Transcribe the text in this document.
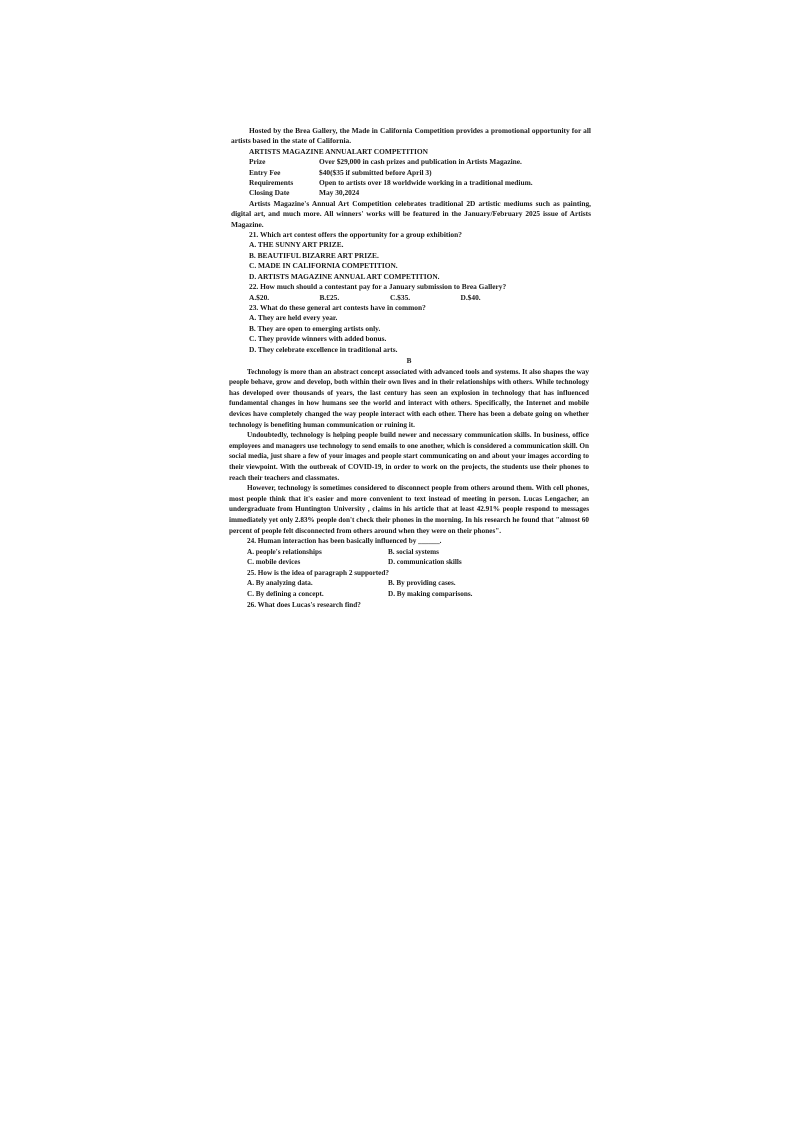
Hosted by the Brea Gallery, the Made in California Competition provides a promotional opportunity for all artists based in the state of California.

ARTISTS MAGAZINE ANNUALART COMPETITION

Prize	Over $29,000 in cash prizes and publication in Artists Magazine.
Entry Fee	$40($35 if submitted before April 3)
Requirements	Open to artists over 18 worldwide working in a traditional medium.
Closing Date	May 30,2024

Artists Magazine's Annual Art Competition celebrates traditional 2D artistic mediums such as painting, digital art, and much more. All winners' works will be featured in the January/February 2025 issue of Artists Magazine.

21. Which art contest offers the opportunity for a group exhibition?

A. THE SUNNY ART PRIZE.

B. BEAUTIFUL BIZARRE ART PRIZE.

C. MADE IN CALIFORNIA COMPETITION.

D. ARTISTS MAGAZINE ANNUAL ART COMPETITION.

22. How much should a contestant pay for a January submission to Brea Gallery?

A.$20.	B.£25.	C.$35.	D.$40.

23. What do these general art contests have in common?

A. They are held every year.

B. They are open to emerging artists only.

C. They provide winners with added bonus.

D. They celebrate excellence in traditional arts.

B

Technology is more than an abstract concept associated with advanced tools and systems. It also shapes the way people behave, grow and develop, both within their own lives and in their relationships with others. While technology has developed over thousands of years, the last century has seen an explosion in technology that has influenced fundamental changes in how humans see the world and interact with others. Specifically, the Internet and mobile devices have completely changed the way people interact with each other. There has been a debate going on whether technology is benefiting human communication or ruining it.

Undoubtedly, technology is helping people build newer and necessary communication skills. In business, office employees and managers use technology to send emails to one another, which is considered a communication skill. On social media, just share a few of your images and people start communicating on and about your images according to their viewpoint. With the outbreak of COVID-19, in order to work on the projects, the students use their phones to reach their teachers and classmates.

However, technology is sometimes considered to disconnect people from others around them. With cell phones, most people think that it's easier and more convenient to text instead of meeting in person. Lucas Lengacher, an undergraduate from Huntington University , claims in his article that at least 42.91% people respond to messages immediately yet only 2.83% people don't check their phones in the morning. In his research he found that "almost 60 percent of people felt disconnected from others around when they were on their phones".

24. Human interaction has been basically influenced by ______.

A. people's relationships	B. social systems
C. mobile devices	D. communication skills

25. How is the idea of paragraph 2 supported?

A. By analyzing data.	B. By providing cases.
C. By defining a concept.	D. By making comparisons.

26. What does Lucas's research find?
